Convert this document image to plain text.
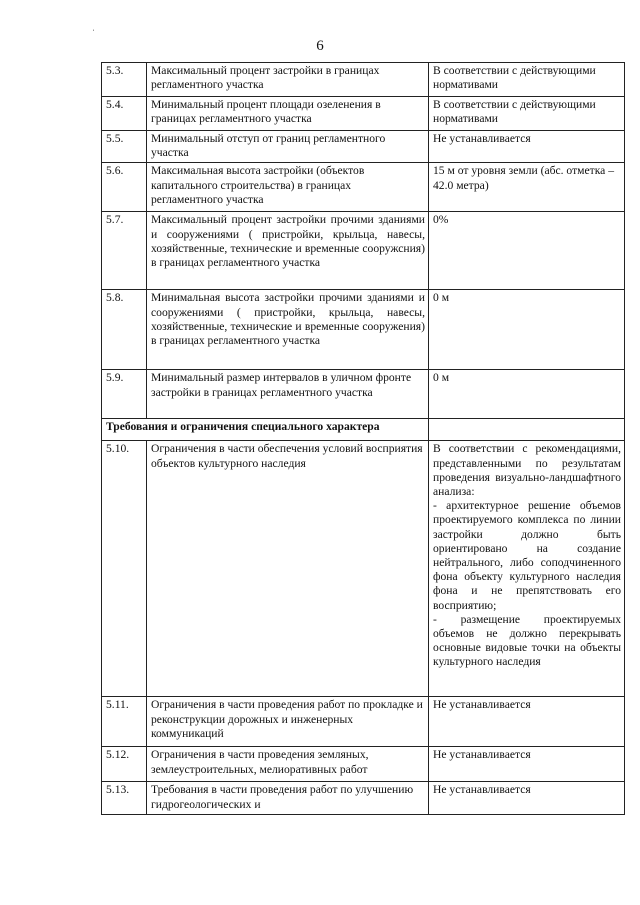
ˈ
6
5.3.	Максимальный процент застройки в границах регламентного участка	В соответствии с действующими нормативами
5.4.	Минимальный процент площади озеленения в границах регламентного участка	В соответствии с действующими нормативами
5.5.	Минимальный отступ от границ регламентного участка	Не устанавливается
5.6.	Максимальная высота застройки (объектов капитального строительства) в границах регламентного участка	15 м от уровня земли (абс. отметка – 42.0 метра)
5.7.	Максимальный процент застройки прочими зданиями и сооружениями ( пристройки, крыльца, навесы, хозяйственные, технические и временные сооружсния) в границах регламентного участка	0%
5.8.	Минимальная высота застройки прочими зданиями и сооружениями ( пристройки, крыльца, навесы, хозяйственные, технические и временные сооружения) в границах регламентного участка	0 м
5.9.	Минимальный размер интервалов в уличном фронте застройки в границах регламентного участка	0 м
Требования и ограничения специального характера		
5.10.	Ограничения в части обеспечения условий восприятия объектов культурного наследия	В соответствии с рекомендациями, представленными по результатам проведения визуально-ландшафтного анализа:
- архитектурное решение объемов проектируемого комплекса по линии застройки должно быть ориентировано на создание нейтрального, либо соподчиненного фона объекту культурного наследия фона и не препятствовать его восприятию;
- размещение проектируемых объемов не должно перекрывать основные видовые точки на объекты культурного наследия

5.11.	Ограничения в части проведения работ по прокладке и реконструкции дорожных и инженерных коммуникаций	Не устанавливается
5.12.	Ограничения в части проведения земляных, землеустроительных, мелиоративных работ	Не устанавливается
5.13.	Требования в части проведения работ по улучшению гидрогеологических и	Не устанавливается
